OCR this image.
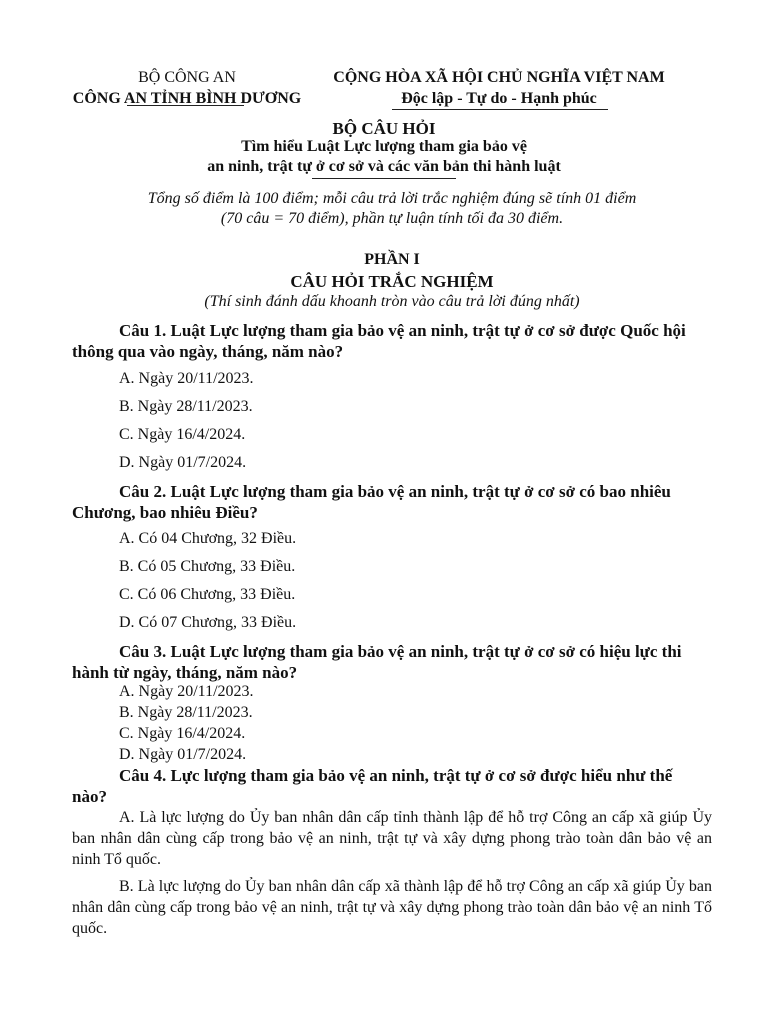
BỘ CÔNG AN
CÔNG AN TỈNH BÌNH DƯƠNG
CỘNG HÒA XÃ HỘI CHỦ NGHĨA VIỆT NAM
Độc lập - Tự do - Hạnh phúc
BỘ CÂU HỎI
Tìm hiểu Luật Lực lượng tham gia bảo vệ
an ninh, trật tự ở cơ sở và các văn bản thi hành luật
Tổng số điểm là 100 điểm; mỗi câu trả lời trắc nghiệm đúng sẽ tính 01 điểm
(70 câu = 70 điểm), phần tự luận tính tối đa 30 điểm.
PHẦN I
CÂU HỎI TRẮC NGHIỆM
(Thí sinh đánh dấu khoanh tròn vào câu trả lời đúng nhất)
Câu 1. Luật Lực lượng tham gia bảo vệ an ninh, trật tự ở cơ sở được Quốc hội
thông qua vào ngày, tháng, năm nào?
A. Ngày 20/11/2023.
B. Ngày 28/11/2023.
C. Ngày 16/4/2024.
D. Ngày 01/7/2024.
Câu 2. Luật Lực lượng tham gia bảo vệ an ninh, trật tự ở cơ sở có bao nhiêu
Chương, bao nhiêu Điều?
A. Có 04 Chương, 32 Điều.
B. Có 05 Chương, 33 Điều.
C. Có 06 Chương, 33 Điều.
D. Có 07 Chương, 33 Điều.
Câu 3. Luật Lực lượng tham gia bảo vệ an ninh, trật tự ở cơ sở có hiệu lực thi
hành từ ngày, tháng, năm nào?
A. Ngày 20/11/2023.
B. Ngày 28/11/2023.
C. Ngày 16/4/2024.
D. Ngày 01/7/2024.
Câu 4. Lực lượng tham gia bảo vệ an ninh, trật tự ở cơ sở được hiểu như thế
nào?
A. Là lực lượng do Ủy ban nhân dân cấp tỉnh thành lập để hỗ trợ Công an cấp xã giúp Ủy ban nhân dân cùng cấp trong bảo vệ an ninh, trật tự và xây dựng phong trào toàn dân bảo vệ an ninh Tổ quốc.
B. Là lực lượng do Ủy ban nhân dân cấp xã thành lập để hỗ trợ Công an cấp xã giúp Ủy ban nhân dân cùng cấp trong bảo vệ an ninh, trật tự và xây dựng phong trào toàn dân bảo vệ an ninh Tổ quốc.
